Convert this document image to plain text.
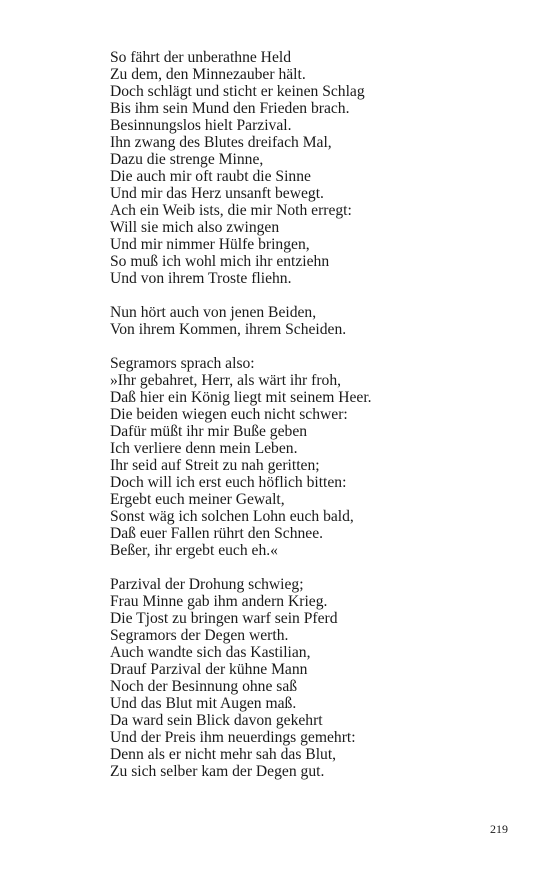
So fährt der unberathne Held
Zu dem, den Minnezauber hält.
Doch schlägt und sticht er keinen Schlag
Bis ihm sein Mund den Frieden brach.
Besinnungslos hielt Parzival.
Ihn zwang des Blutes dreifach Mal,
Dazu die strenge Minne,
Die auch mir oft raubt die Sinne
Und mir das Herz unsanft bewegt.
Ach ein Weib ists, die mir Noth erregt:
Will sie mich also zwingen
Und mir nimmer Hülfe bringen,
So muß ich wohl mich ihr entziehn
Und von ihrem Troste fliehn.
Nun hört auch von jenen Beiden,
Von ihrem Kommen, ihrem Scheiden.
Segramors sprach also:
»Ihr gebahret, Herr, als wärt ihr froh,
Daß hier ein König liegt mit seinem Heer.
Die beiden wiegen euch nicht schwer:
Dafür müßt ihr mir Buße geben
Ich verliere denn mein Leben.
Ihr seid auf Streit zu nah geritten;
Doch will ich erst euch höflich bitten:
Ergebt euch meiner Gewalt,
Sonst wäg ich solchen Lohn euch bald,
Daß euer Fallen rührt den Schnee.
Beßer, ihr ergebt euch eh.«
Parzival der Drohung schwieg;
Frau Minne gab ihm andern Krieg.
Die Tjost zu bringen warf sein Pferd
Segramors der Degen werth.
Auch wandte sich das Kastilian,
Drauf Parzival der kühne Mann
Noch der Besinnung ohne saß
Und das Blut mit Augen maß.
Da ward sein Blick davon gekehrt
Und der Preis ihm neuerdings gemehrt:
Denn als er nicht mehr sah das Blut,
Zu sich selber kam der Degen gut.
219
